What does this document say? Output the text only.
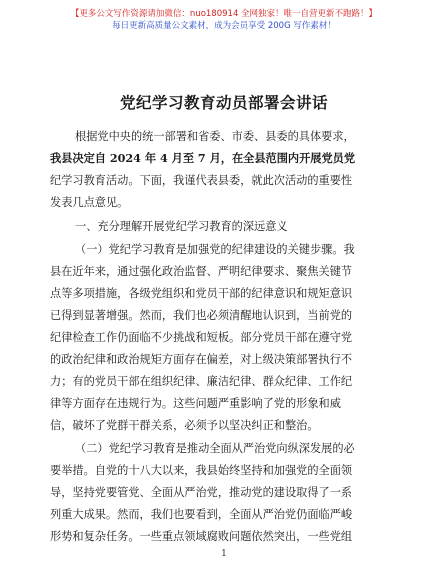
【更多公文写作资源请加微信：nuo180914 全网独家！唯一自营更新不跑路！】
每日更新高质量公文素材，成为会员享受 200G 写作素材！
党纪学习教育动员部署会讲话
根据党中央的统一部署和省委、市委、县委的具体要求，
我县决定自 2024 年 4 月至 7 月，在全县范围内开展党员党
纪学习教育活动。下面，我谨代表县委，就此次活动的重要性
发表几点意见。
一、充分理解开展党纪学习教育的深远意义
（一）党纪学习教育是加强党的纪律建设的关键步骤。我
县在近年来，通过强化政治监督、严明纪律要求、聚焦关键节
点等多项措施，各级党组织和党员干部的纪律意识和规矩意识
已得到显著增强。然而，我们也必须清醒地认识到，当前党的
纪律检查工作仍面临不少挑战和短板。部分党员干部在遵守党
的政治纪律和政治规矩方面存在偏差，对上级决策部署执行不
力；有的党员干部在组织纪律、廉洁纪律、群众纪律、工作纪
律等方面存在违规行为。这些问题严重影响了党的形象和威
信，破坏了党群干群关系，必须予以坚决纠正和整治。
（二）党纪学习教育是推动全面从严治党向纵深发展的必
要举措。自党的十八大以来，我县始终坚持和加强党的全面领
导，坚持党要管党、全面从严治党，推动党的建设取得了一系
列重大成果。然而，我们也要看到，全面从严治党仍面临严峻
形势和复杂任务。一些重点领域腐败问题依然突出，一些党组
1
